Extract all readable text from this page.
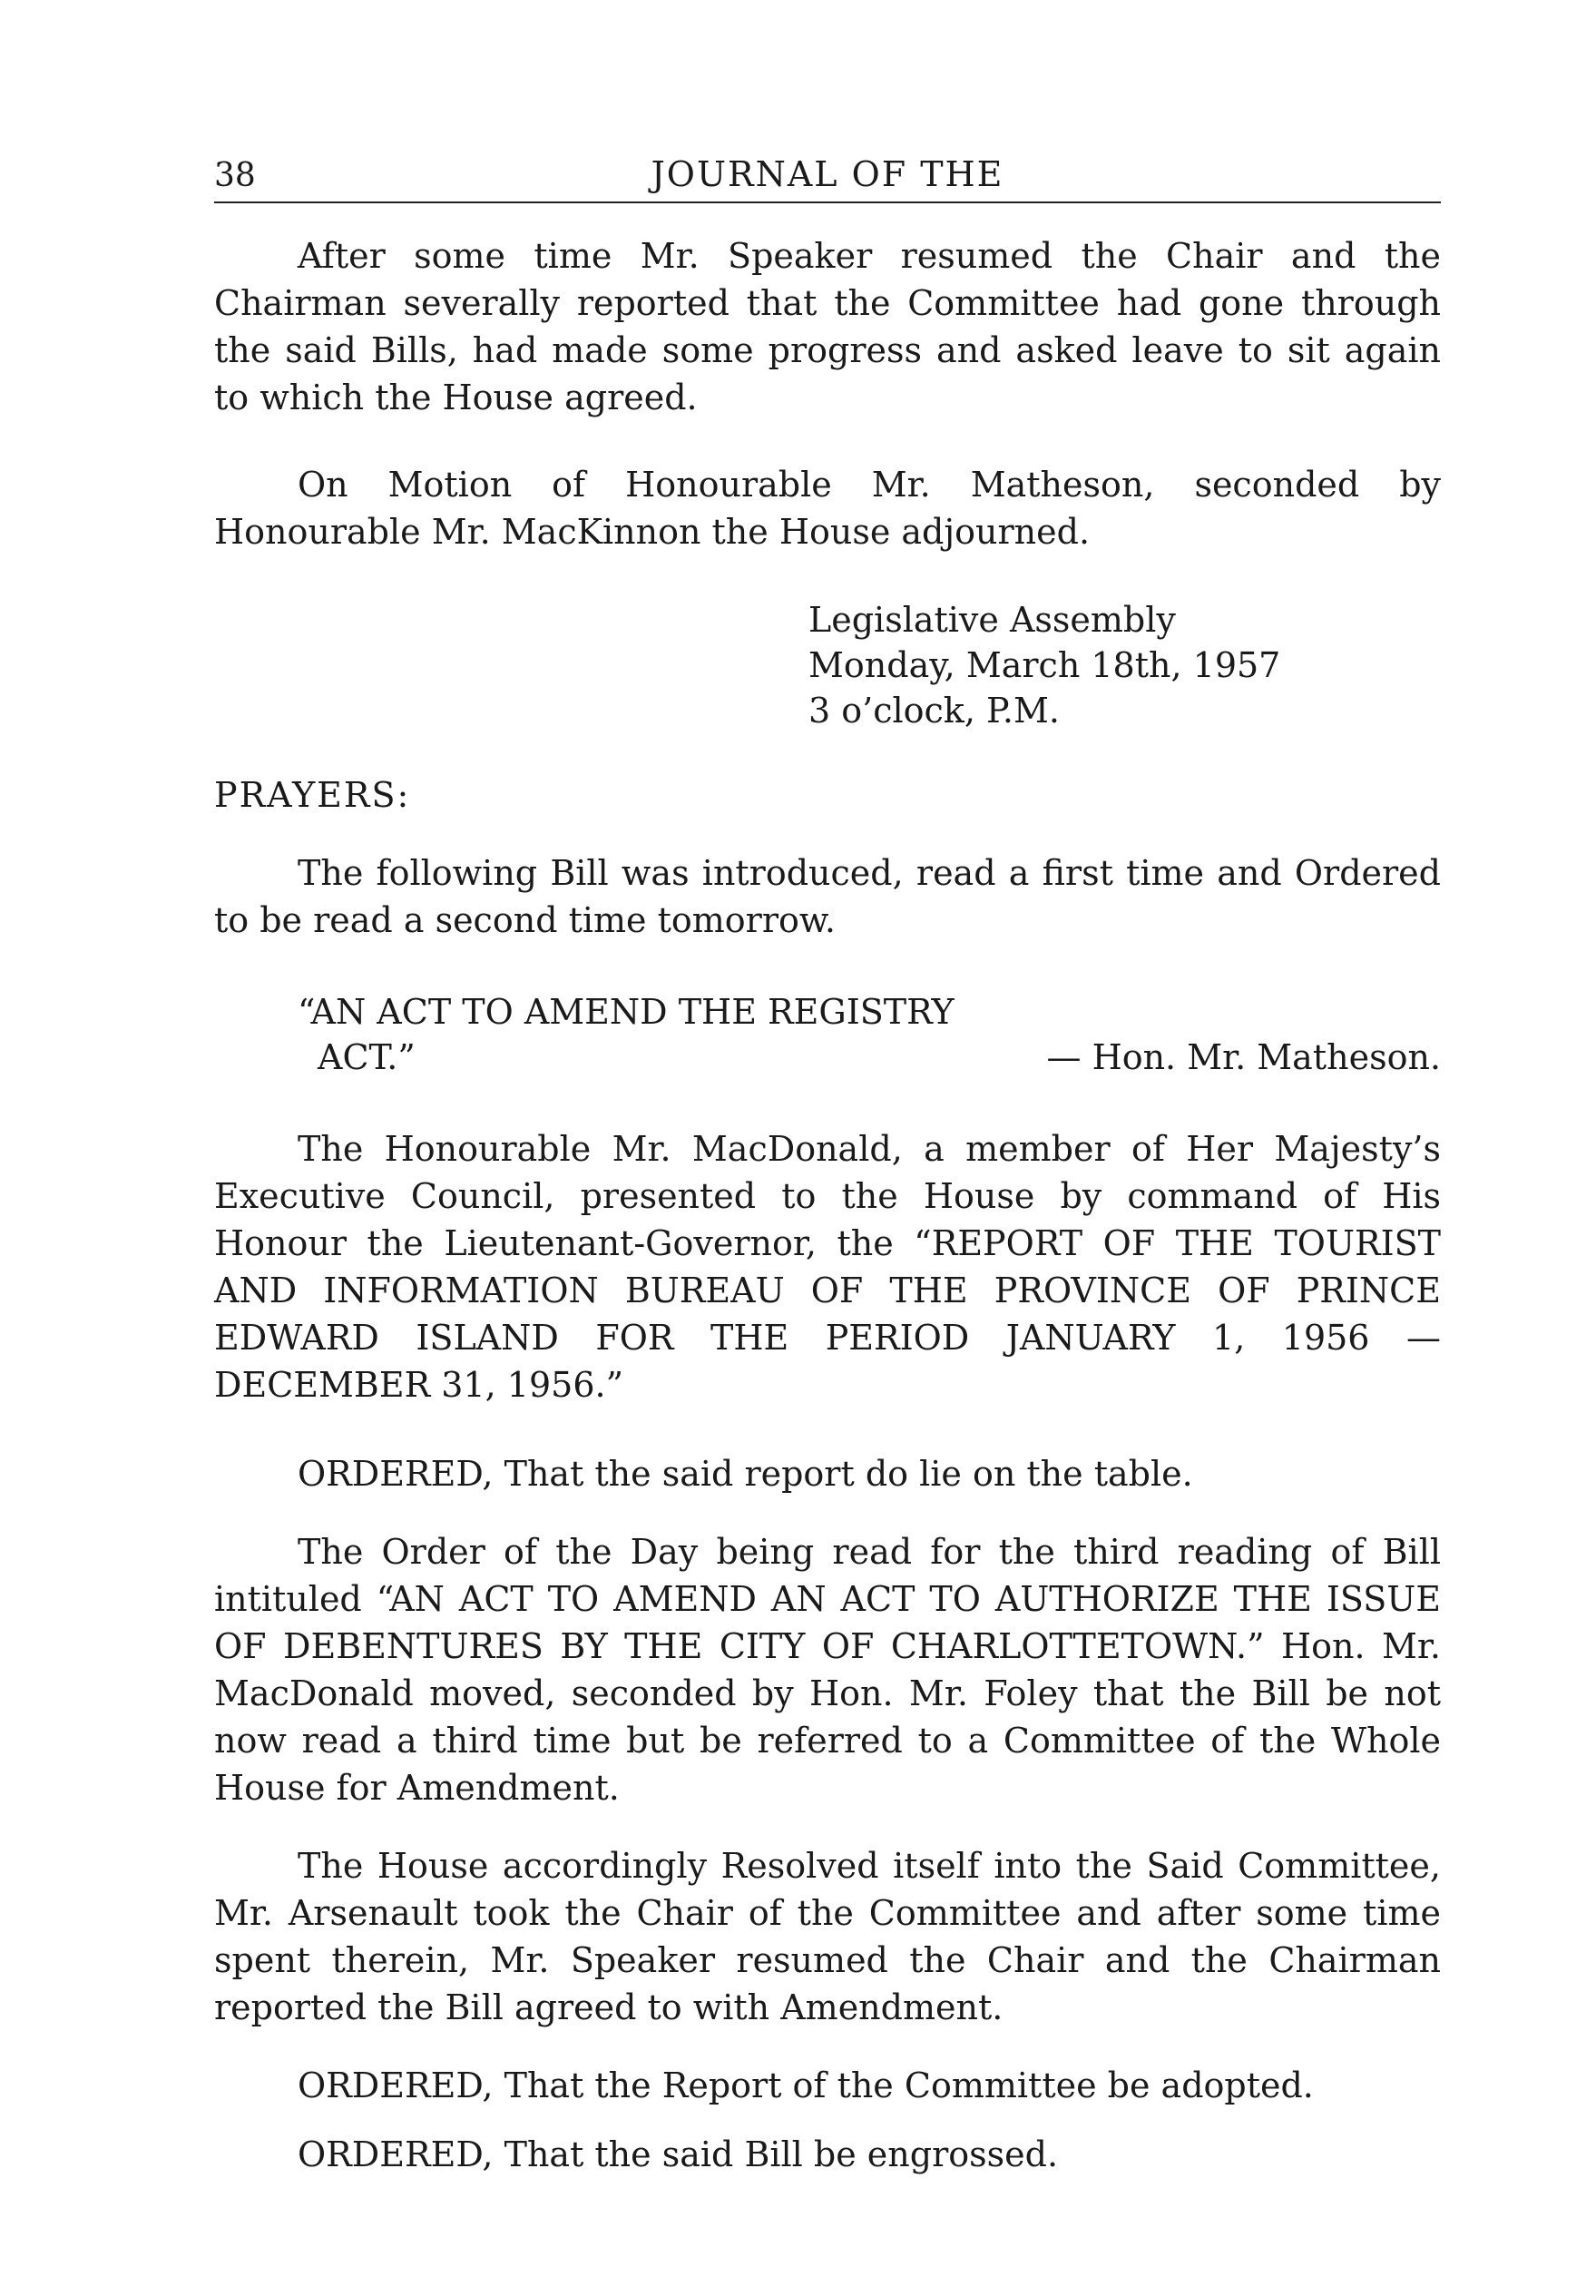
38	JOURNAL OF THE

After some time Mr. Speaker resumed the Chair and the Chairman severally reported that the Committee had gone through the said Bills, had made some progress and asked leave to sit again to which the House agreed.

On Motion of Honourable Mr. Matheson, seconded by Honourable Mr. MacKinnon the House adjourned.

Legislative Assembly
Monday, March 18th, 1957
3 o’clock, P.M.
PRAYERS:

The following Bill was introduced, read a first time and Ordered to be read a second time tomorrow.

“AN ACT TO AMEND THE REGISTRY
ACT.”	— Hon. Mr. Matheson.

The Honourable Mr. MacDonald, a member of Her Majesty’s Executive Council, presented to the House by command of His Honour the Lieutenant-Governor, the “REPORT OF THE TOURIST AND INFORMATION BUREAU OF THE PROVINCE OF PRINCE EDWARD ISLAND FOR THE PERIOD JANUARY 1, 1956 — DECEMBER 31, 1956.”

ORDERED, That the said report do lie on the table.

The Order of the Day being read for the third reading of Bill intituled “AN ACT TO AMEND AN ACT TO AUTHORIZE THE ISSUE OF DEBENTURES BY THE CITY OF CHARLOTTETOWN.” Hon. Mr. MacDonald moved, seconded by Hon. Mr. Foley that the Bill be not now read a third time but be referred to a Committee of the Whole House for Amendment.

The House accordingly Resolved itself into the Said Committee, Mr. Arsenault took the Chair of the Committee and after some time spent therein, Mr. Speaker resumed the Chair and the Chairman reported the Bill agreed to with Amendment.

ORDERED, That the Report of the Committee be adopted.

ORDERED, That the said Bill be engrossed.
